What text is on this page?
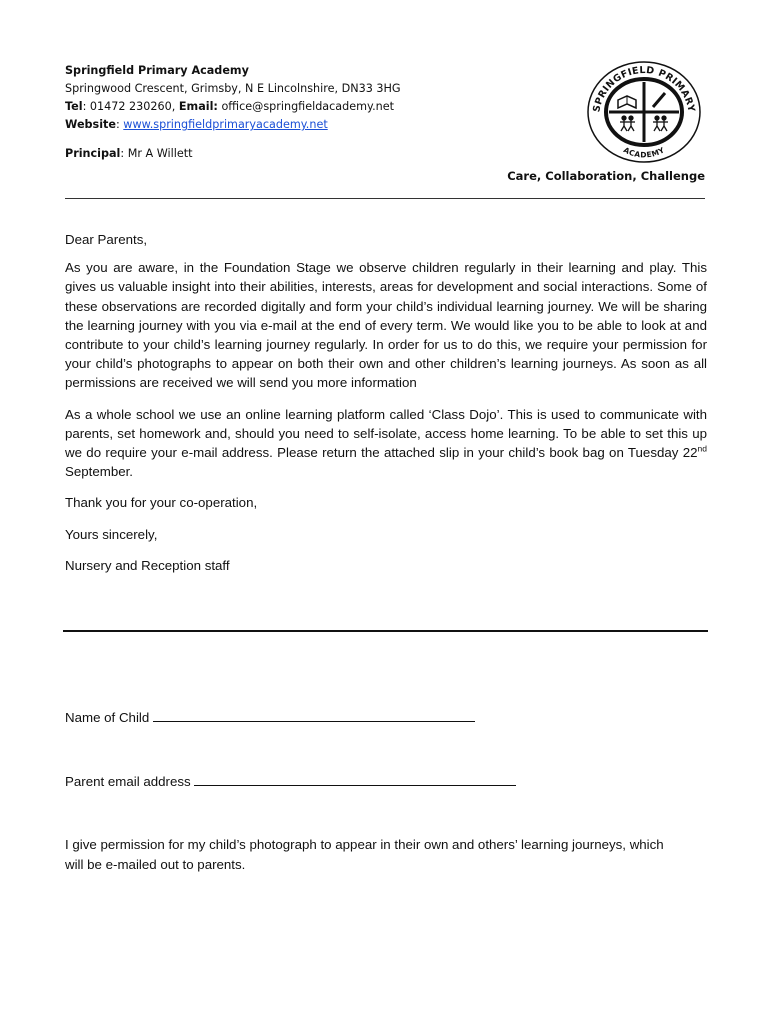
Springfield Primary Academy
Springwood Crescent, Grimsby, N E Lincolnshire, DN33 3HG
Tel: 01472 230260, Email: office@springfieldacademy.net
Website: www.springfieldprimaryacademy.net
Principal: Mr A Willett
SPRINGFIELD PRIMARY
ACADEMY
Care, Collaboration, Challenge

Dear Parents,

As you are aware, in the Foundation Stage we observe children regularly in their learning and play. This gives us valuable insight into their abilities, interests, areas for development and social interactions. Some of these observations are recorded digitally and form your child’s individual learning journey. We will be sharing the learning journey with you via e-mail at the end of every term. We would like you to be able to look at and contribute to your child’s learning journey regularly. In order for us to do this, we require your permission for your child’s photographs to appear on both their own and other children’s learning journeys. As soon as all permissions are received we will send you more information

As a whole school we use an online learning platform called ‘Class Dojo’. This is used to communicate with parents, set homework and, should you need to self-isolate, access home learning. To be able to set this up we do require your e-mail address. Please return the attached slip in your child’s book bag on Tuesday 22nd September.

Thank you for your co-operation,

Yours sincerely,

Nursery and Reception staff

Name of Child
Parent email address
I give permission for my child’s photograph to appear in their own and others’ learning journeys, which will be e-mailed out to parents.
